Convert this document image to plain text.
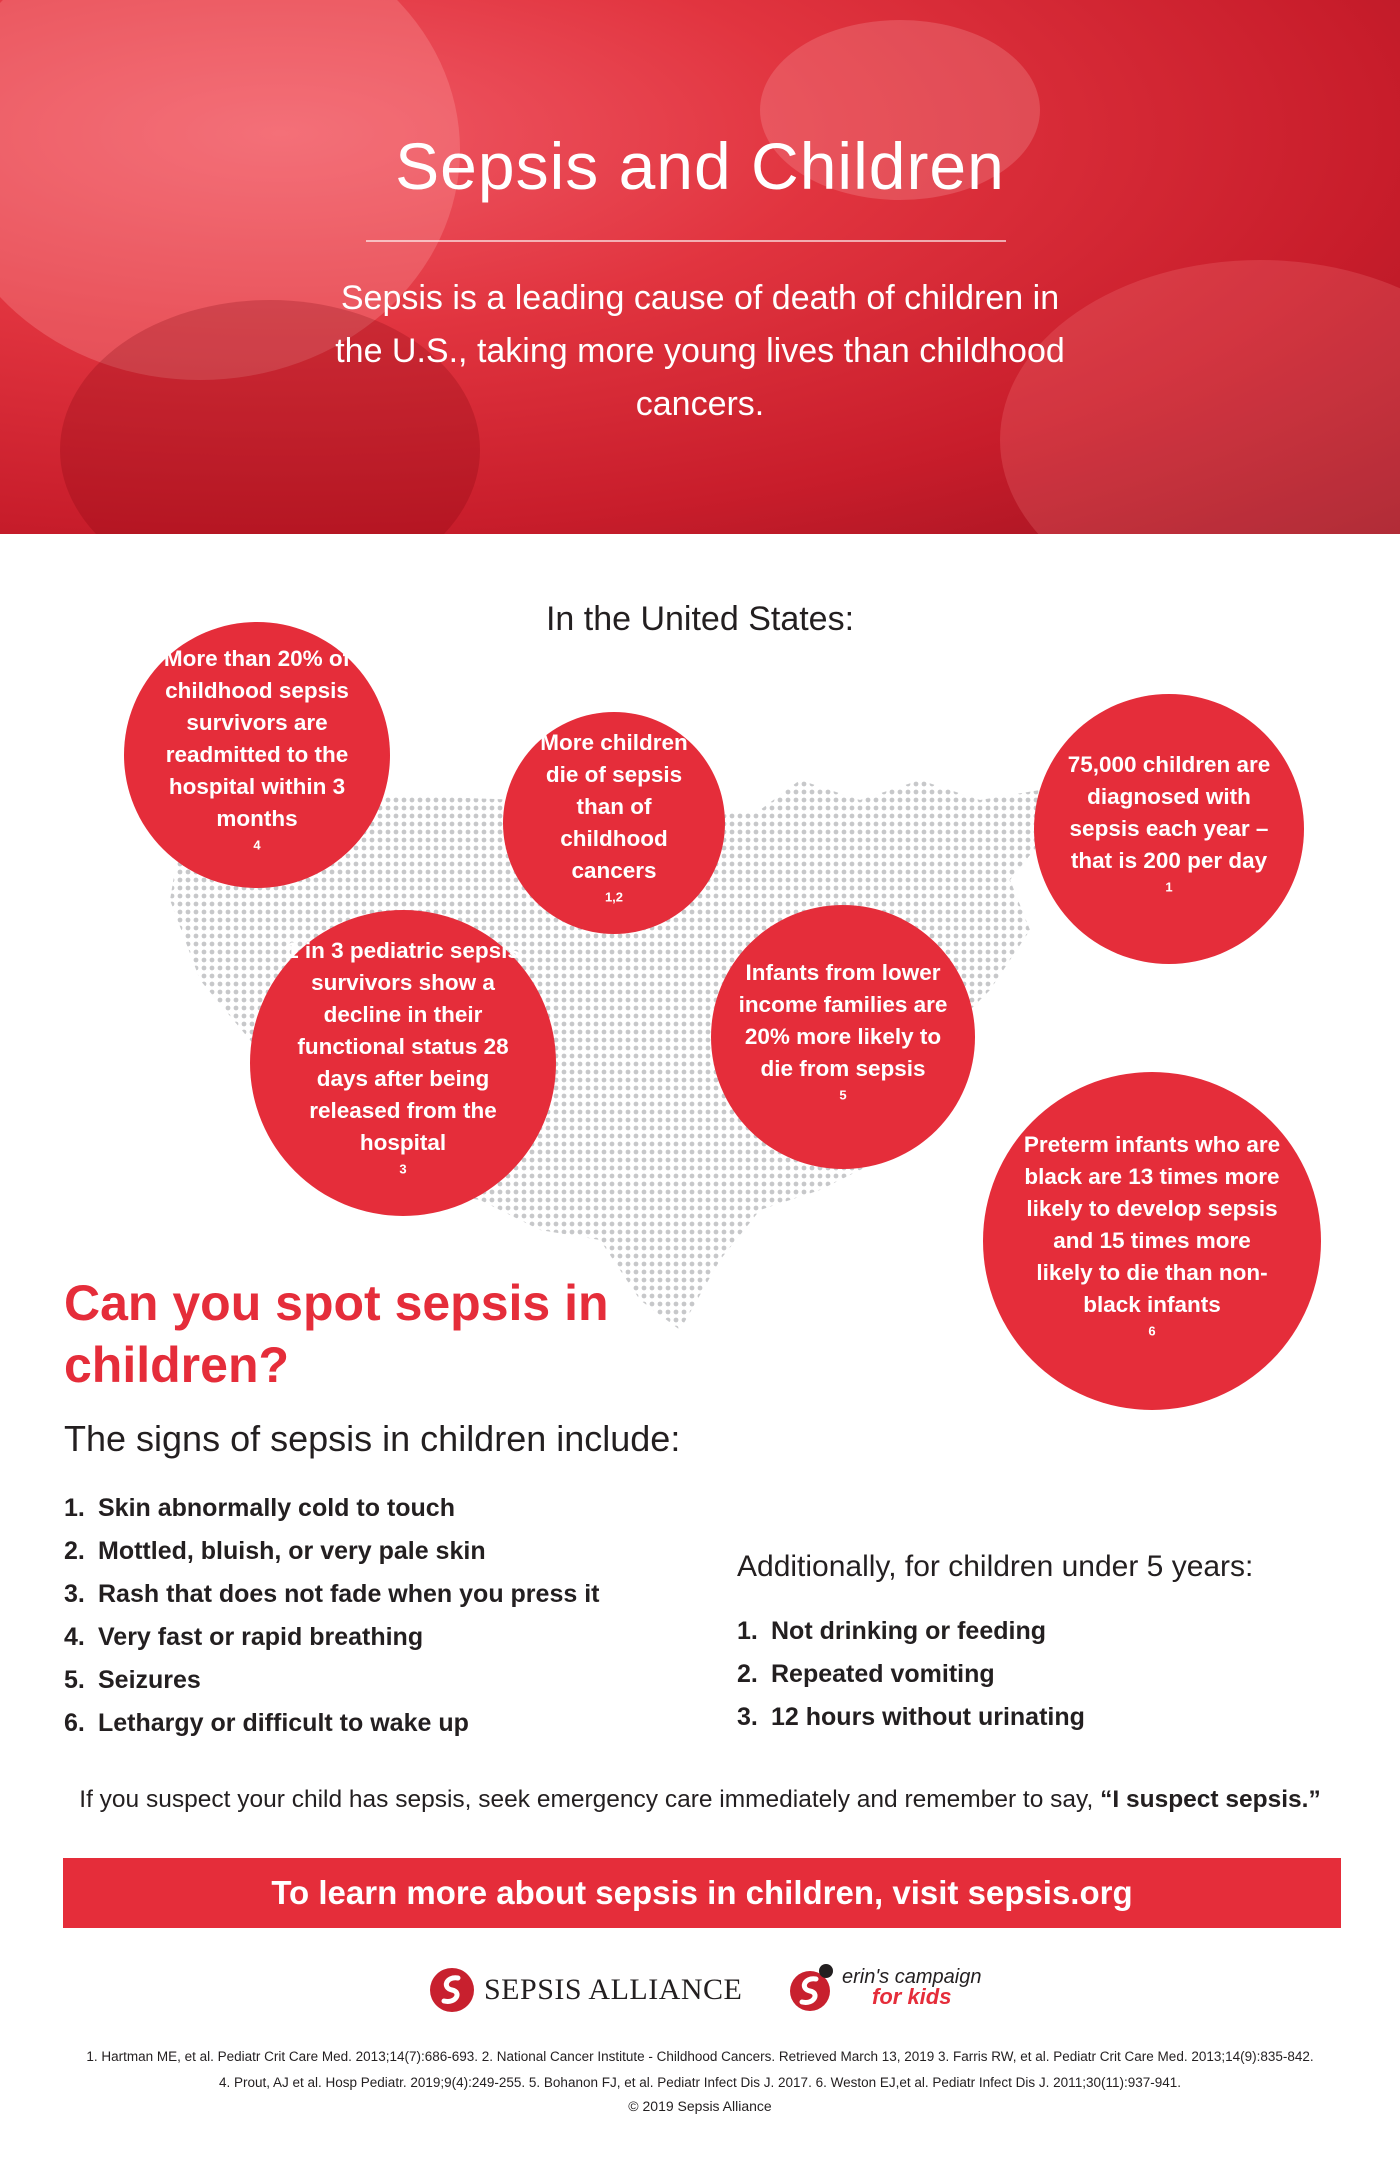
Sepsis and Children
Sepsis is a leading cause of death of children in the U.S., taking more young lives than childhood cancers.
In the United States:
More than 20% of childhood sepsis survivors are readmitted to the hospital within 3 months
$^4$
More children die of sepsis than of childhood cancers
$^{1,2}$
75,000 children are diagnosed with sepsis each year – that is 200 per day
$^1$
1 in 3 pediatric sepsis survivors show a decline in their functional status 28 days after being released from the hospital
$^3$
Infants from lower income families are 20% more likely to die from sepsis
$^5$
Preterm infants who are black are 13 times more likely to develop sepsis and 15 times more likely to die than non-black infants
$^6$
Can you spot sepsis in children?
The signs of sepsis in children include:
1. Skin abnormally cold to touch
2. Mottled, bluish, or very pale skin
3. Rash that does not fade when you press it
4. Very fast or rapid breathing
5. Seizures
6. Lethargy or difficult to wake up
Additionally, for children under 5 years:
1. Not drinking or feeding
2. Repeated vomiting
3. 12 hours without urinating
If you suspect your child has sepsis, seek emergency care immediately and remember to say, “I suspect sepsis.”
To learn more about sepsis in children, visit sepsis.org
SEPSIS ALLIANCE	erin's campaign
for kids
1. Hartman ME, et al. Pediatr Crit Care Med. 2013;14(7):686-693. 2. National Cancer Institute - Childhood Cancers. Retrieved March 13, 2019 3. Farris RW, et al. Pediatr Crit Care Med. 2013;14(9):835-842.
4. Prout, AJ et al. Hosp Pediatr. 2019;9(4):249-255. 5. Bohanon FJ, et al. Pediatr Infect Dis J. 2017. 6. Weston EJ,et al. Pediatr Infect Dis J. 2011;30(11):937-941.
© 2019 Sepsis Alliance
